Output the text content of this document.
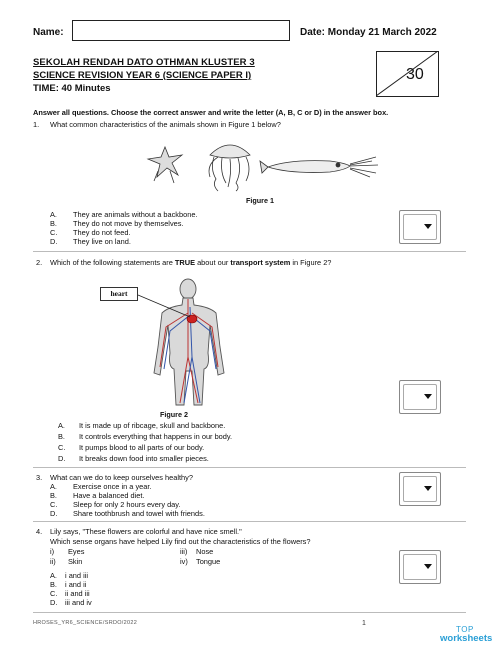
Name:	Date: Monday 21 March 2022
SEKOLAH RENDAH DATO OTHMAN KLUSTER 3
SCIENCE REVISION YEAR 6 (SCIENCE PAPER I)
TIME: 40 Minutes
30
Answer all questions. Choose the correct answer and write the letter (A, B, C or D) in the answer box.
1. What common characteristics of the animals shown in Figure 1 below?
Figure 1
A. They are animals without a backbone.
B. They do not move by themselves.
C. They do not feed.
D. They live on land.
2. Which of the following statements are TRUE about our transport system in Figure 2?
heart
Figure 2
A. It is made up of ribcage, skull and backbone.
B. It controls everything that happens in our body.
C. It pumps blood to all parts of our body.
D. It breaks down food into smaller pieces.
3. What can we do to keep ourselves healthy?
A. Exercise once in a year.
B. Have a balanced diet.
C. Sleep for only 2 hours every day.
D. Share toothbrush and towel with friends.
4. Lily says, "These flowers are colorful and have nice smell."
Which sense organs have helped Lily find out the characteristics of the flowers?
i) Eyes
ii) Skin
iii) Nose
iv) Tongue
A. i and iii
B. i and ii
C. ii and iii
D. iii and iv
HROSES_YR6_SCIENCE/SRDO/2022	1
TOP
worksheets
